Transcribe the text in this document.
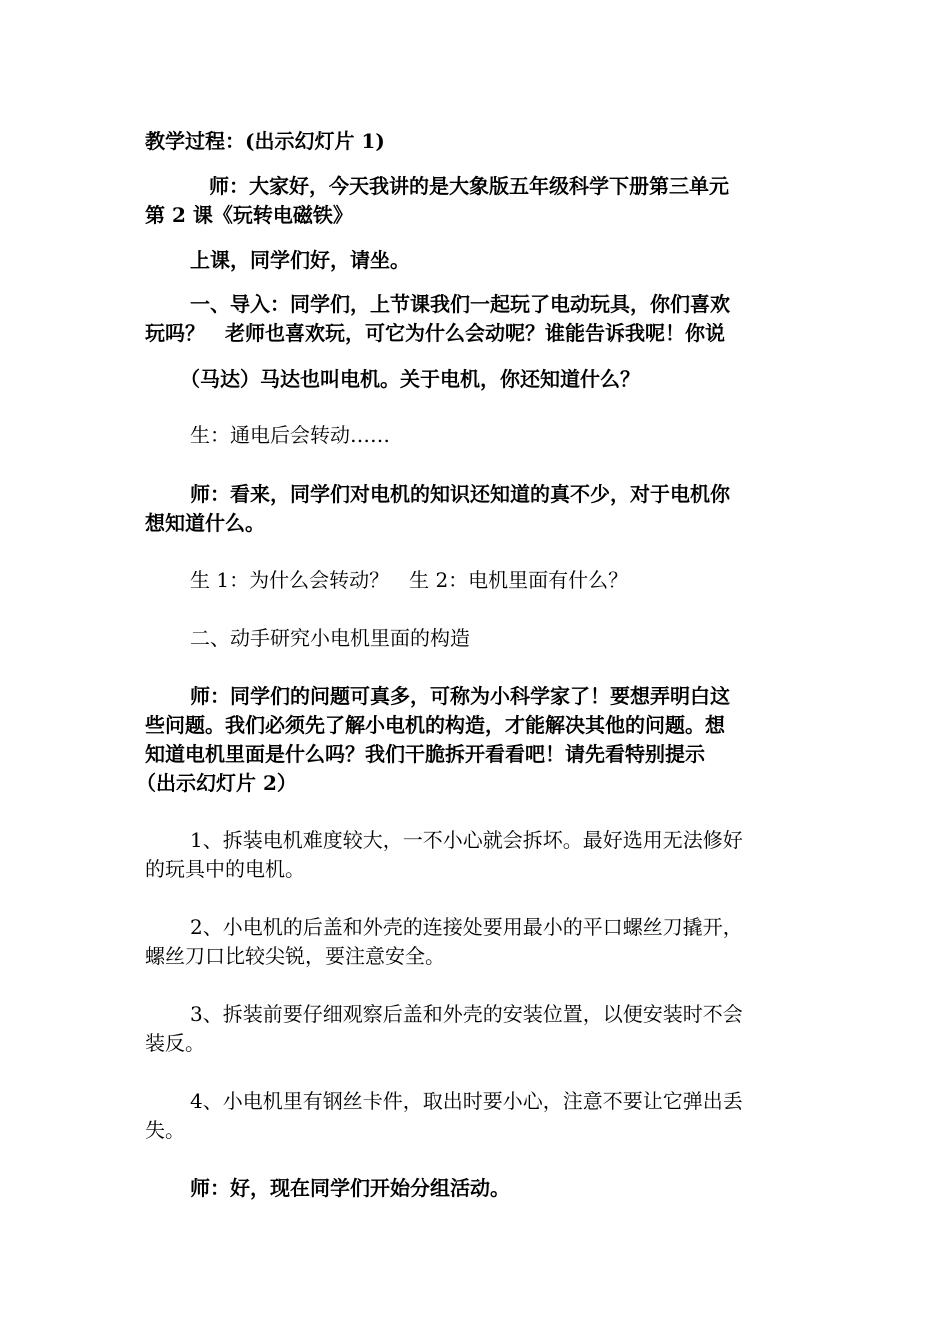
教学过程：(出示幻灯片 1)
师：大家好，今天我讲的是大象版五年级科学下册第三单元
第 2 课《玩转电磁铁》
上课，同学们好，请坐。
一、导入：同学们，上节课我们一起玩了电动玩具，你们喜欢
玩吗？　老师也喜欢玩，可它为什么会动呢？谁能告诉我呢！你说
（马达）马达也叫电机。关于电机，你还知道什么？
生：通电后会转动……
师：看来，同学们对电机的知识还知道的真不少，对于电机你
想知道什么。
生 1：为什么会转动？　生 2：电机里面有什么？
二、动手研究小电机里面的构造
师：同学们的问题可真多，可称为小科学家了！要想弄明白这
些问题。我们必须先了解小电机的构造，才能解决其他的问题。想
知道电机里面是什么吗？我们干脆拆开看看吧！请先看特别提示
（出示幻灯片 2）
1、拆装电机难度较大，一不小心就会拆坏。最好选用无法修好
的玩具中的电机。
2、小电机的后盖和外壳的连接处要用最小的平口螺丝刀撬开，
螺丝刀口比较尖锐，要注意安全。
3、拆装前要仔细观察后盖和外壳的安装位置，以便安装时不会
装反。
4、小电机里有钢丝卡件，取出时要小心，注意不要让它弹出丢
失。
师：好，现在同学们开始分组活动。
